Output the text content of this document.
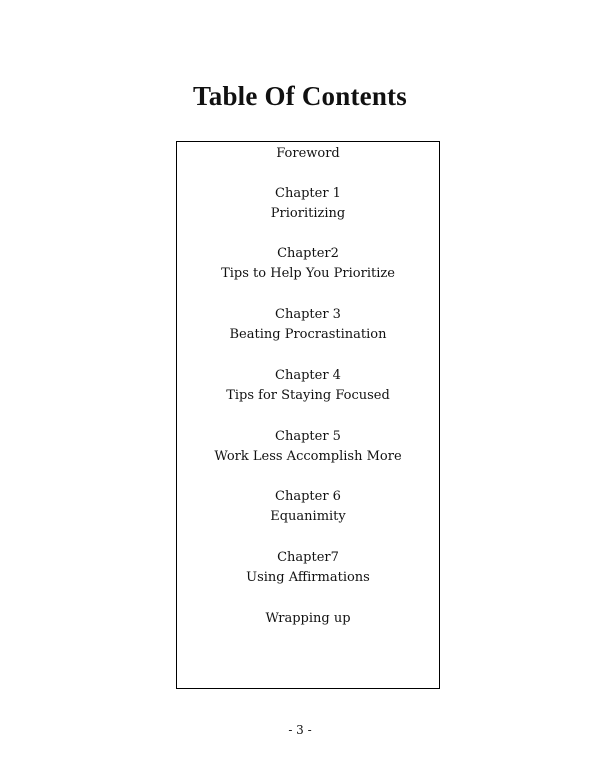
Table Of Contents
Foreword
Chapter 1
Prioritizing
Chapter2
Tips to Help You Prioritize
Chapter 3
Beating Procrastination
Chapter 4
Tips for Staying Focused
Chapter 5
Work Less Accomplish More
Chapter 6
Equanimity
Chapter7
Using Affirmations
Wrapping up
- 3 -
